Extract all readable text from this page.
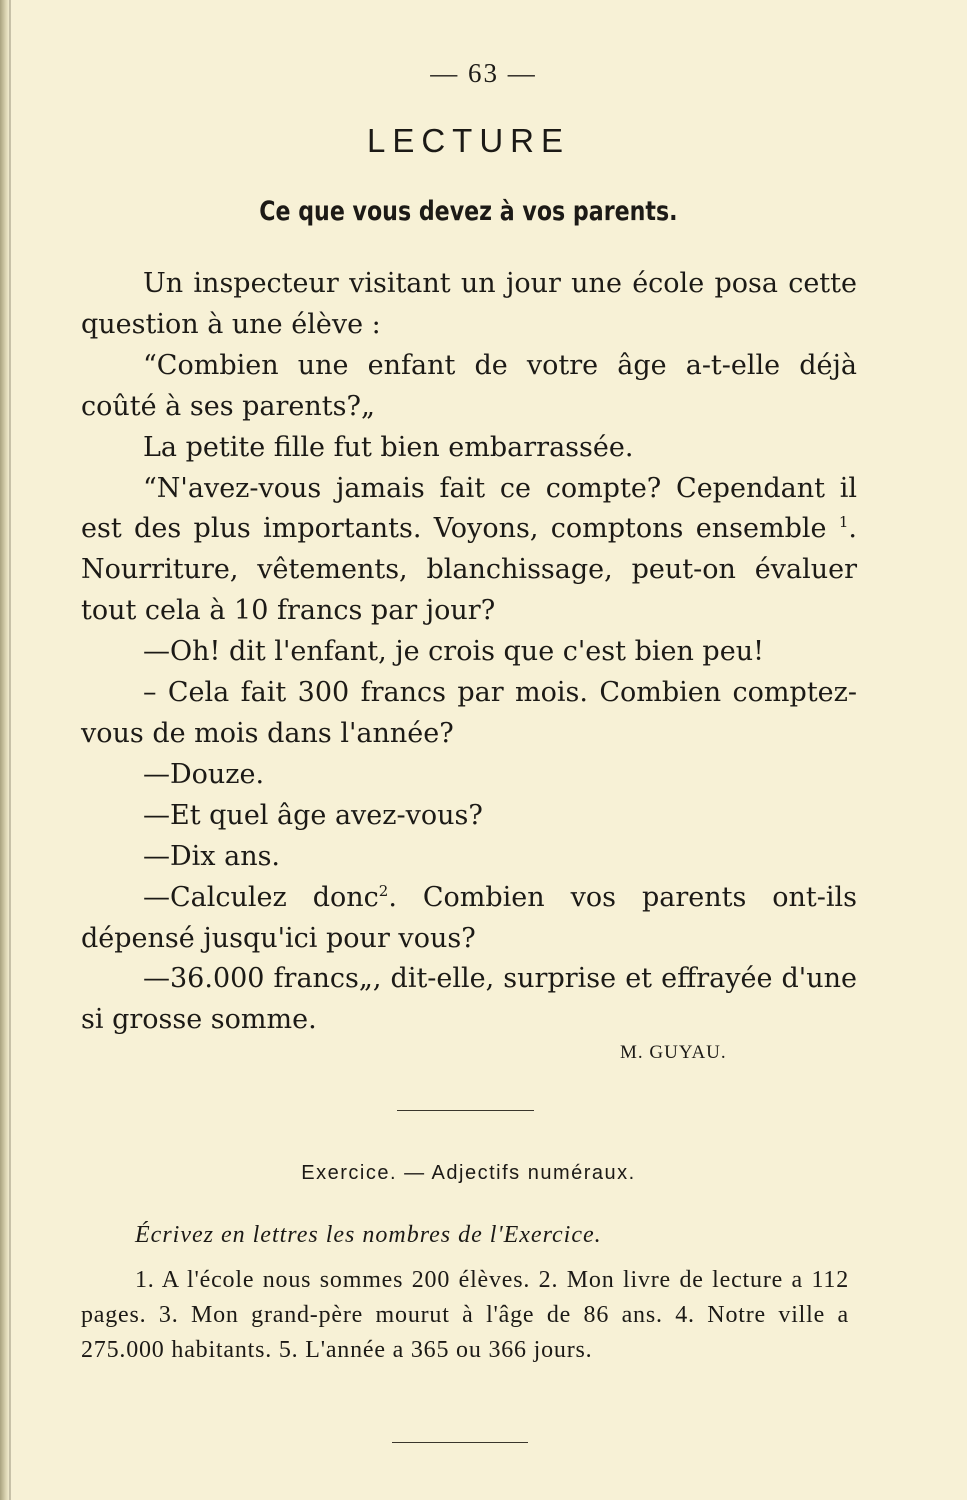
— 63 —
LECTURE
Ce que vous devez à vos parents.

Un inspecteur visitant un jour une école posa cette question à une élève :

“Combien une enfant de votre âge a-t-elle déjà coûté à ses parents?„

La petite fille fut bien embarrassée.

“N'avez-vous jamais fait ce compte? Cependant il est des plus importants. Voyons, comptons ensemble $^1$. Nourriture, vêtements, blanchissage, peut-on évaluer tout cela à 10 francs par jour?

—Oh! dit l'enfant, je crois que c'est bien peu!

– Cela fait 300 francs par mois. Combien comptez-vous de mois dans l'année?

—Douze.

—Et quel âge avez-vous?

—Dix ans.

—Calculez donc$^2$. Combien vos parents ont-ils dépensé jusqu'ici pour vous?

—36.000 francs„, dit-elle, surprise et effrayée d'une si grosse somme.

M. GUYAU.
Exercice. — Adjectifs numéraux.
Écrivez en lettres les nombres de l'Exercice.

1. A l'école nous sommes 200 élèves. 2. Mon livre de lecture a 112 pages. 3. Mon grand-père mourut à l'âge de 86 ans. 4. Notre ville a 275.000 habitants. 5. L'année a 365 ou 366 jours.
